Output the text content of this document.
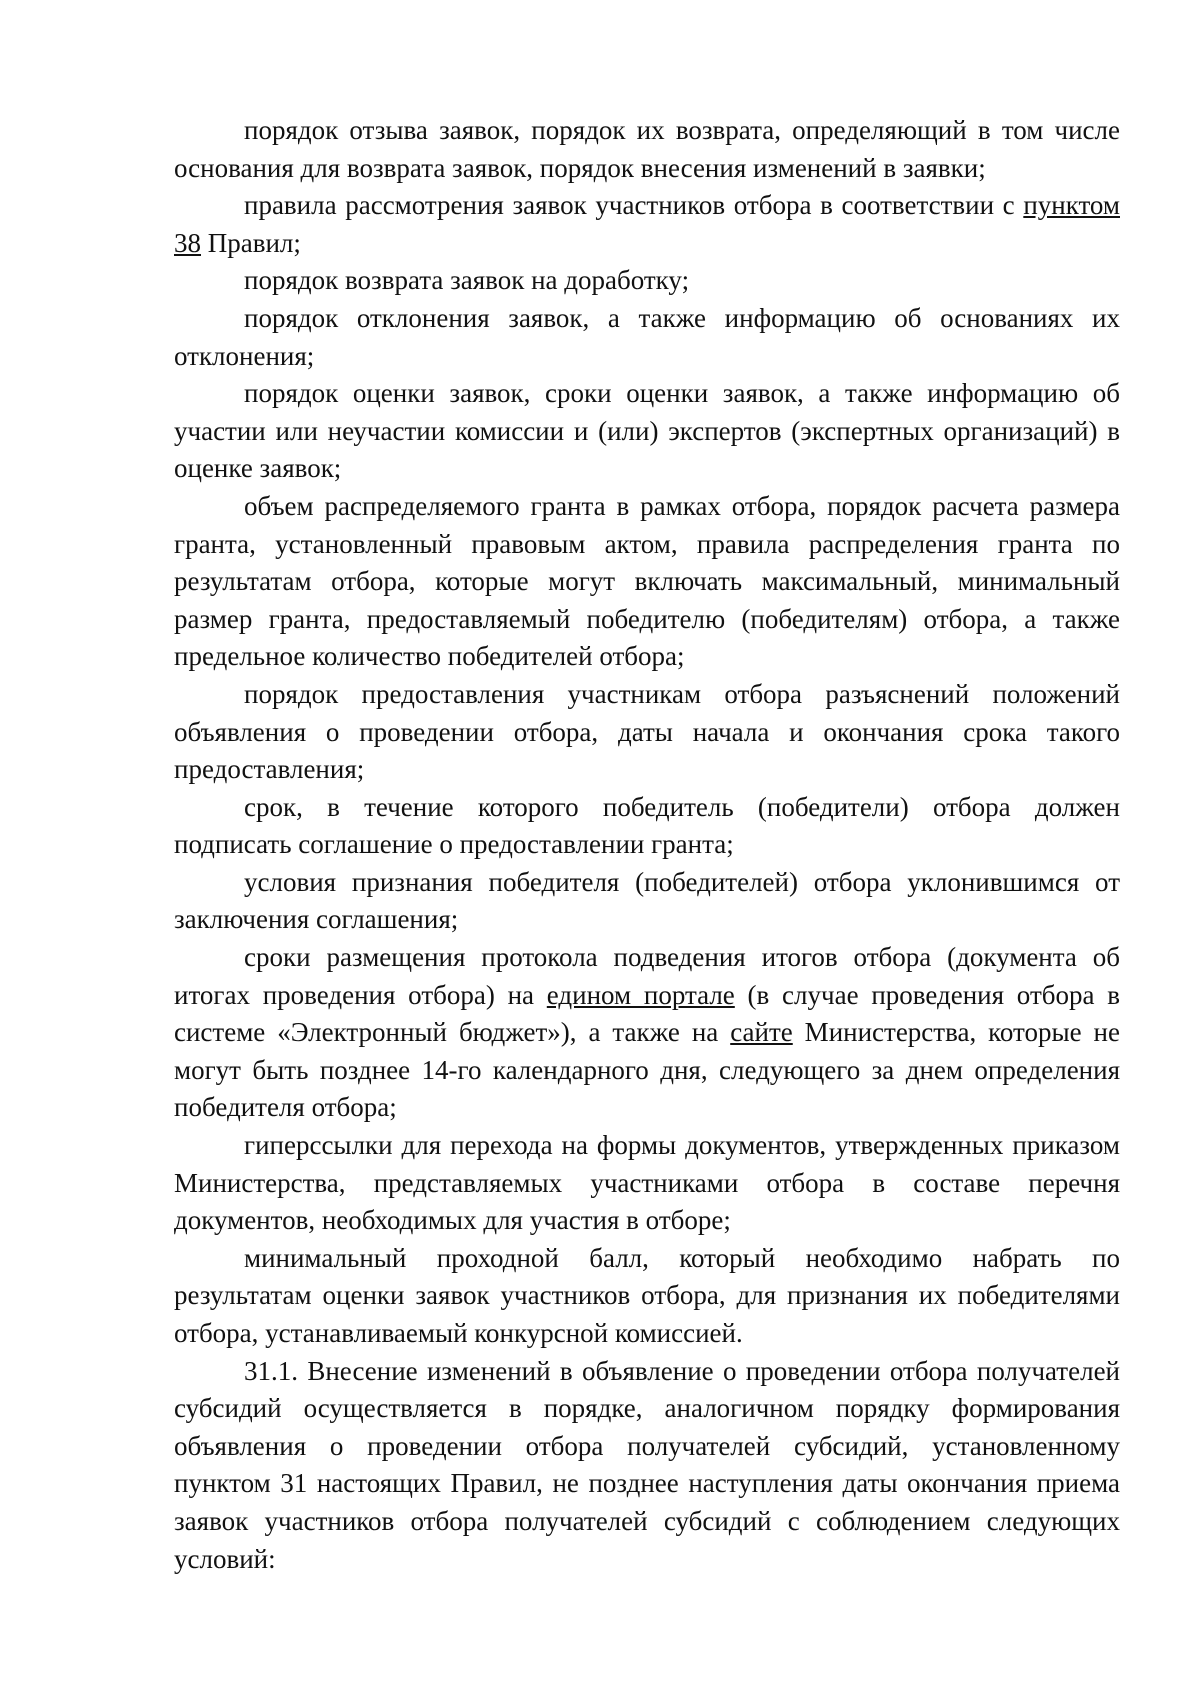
порядок отзыва заявок, порядок их возврата, определяющий в том числе основания для возврата заявок, порядок внесения изменений в заявки;

правила рассмотрения заявок участников отбора в соответствии с пунктом 38 Правил;

порядок возврата заявок на доработку;

порядок отклонения заявок, а также информацию об основаниях их отклонения;

порядок оценки заявок, сроки оценки заявок, а также информацию об участии или неучастии комиссии и (или) экспертов (экспертных организаций) в оценке заявок;

объем распределяемого гранта в рамках отбора, порядок расчета размера гранта, установленный правовым актом, правила распределения гранта по результатам отбора, которые могут включать максимальный, минимальный размер гранта, предоставляемый победителю (победителям) отбора, а также предельное количество победителей отбора;

порядок предоставления участникам отбора разъяснений положений объявления о проведении отбора, даты начала и окончания срока такого предоставления;

срок, в течение которого победитель (победители) отбора должен подписать соглашение о предоставлении гранта;

условия признания победителя (победителей) отбора уклонившимся от заключения соглашения;

сроки размещения протокола подведения итогов отбора (документа об итогах проведения отбора) на едином портале (в случае проведения отбора в системе «Электронный бюджет»), а также на сайте Министерства, которые не могут быть позднее 14-го календарного дня, следующего за днем определения победителя отбора;

гиперссылки для перехода на формы документов, утвержденных приказом Министерства, представляемых участниками отбора в составе перечня документов, необходимых для участия в отборе;

минимальный проходной балл, который необходимо набрать по результатам оценки заявок участников отбора, для признания их победителями отбора, устанавливаемый конкурсной комиссией.

31.1. Внесение изменений в объявление о проведении отбора получателей субсидий осуществляется в порядке, аналогичном порядку формирования объявления о проведении отбора получателей субсидий, установленному пунктом 31 настоящих Правил, не позднее наступления даты окончания приема заявок участников отбора получателей субсидий с соблюдением следующих условий:
